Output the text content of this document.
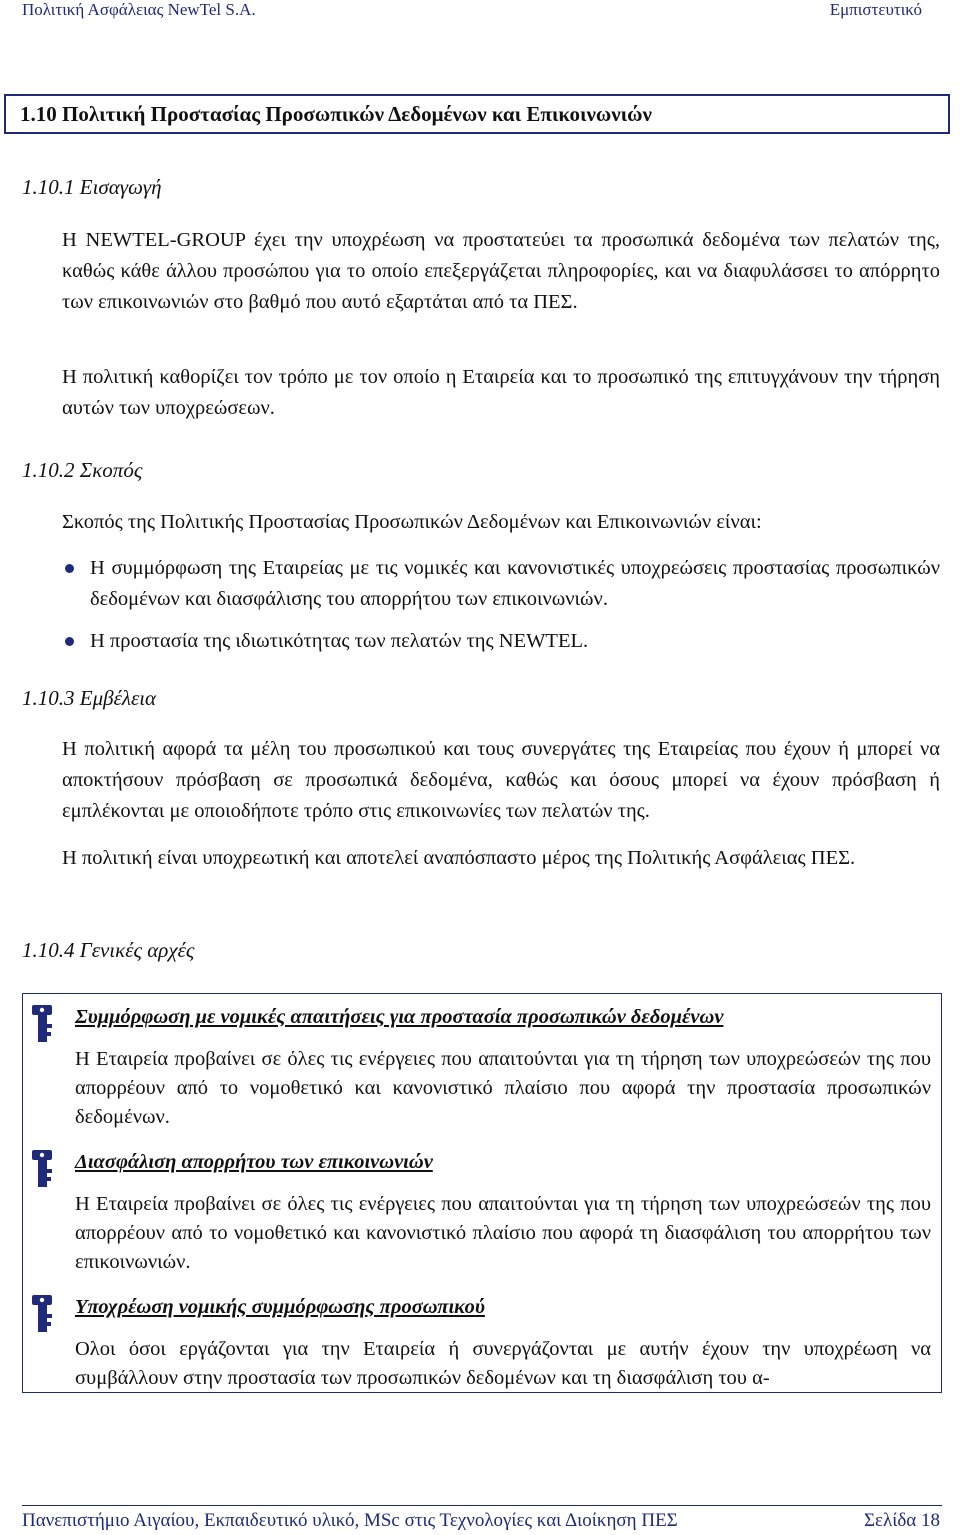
Πολιτική Ασφάλειας NewTel S.A.	Εμπιστευτικό
1.10 Πολιτική Προστασίας Προσωπικών Δεδομένων και Επικοινωνιών
1.10.1 Εισαγωγή

Η NEWTEL-GROUP έχει την υποχρέωση να προστατεύει τα προσωπικά δεδομένα των πελατών της, καθώς κάθε άλλου προσώπου για το οποίο επεξεργάζεται πληροφορίες, και να διαφυλάσσει το απόρρητο των επικοινωνιών στο βαθμό που αυτό εξαρτάται από τα ΠΕΣ.

Η πολιτική καθορίζει τον τρόπο με τον οποίο η Εταιρεία και το προσωπικό της επιτυγχάνουν την τήρηση αυτών των υποχρεώσεων.

1.10.2 Σκοπός

Σκοπός της Πολιτικής Προστασίας Προσωπικών Δεδομένων και Επικοινωνιών είναι:

Η συμμόρφωση της Εταιρείας με τις νομικές και κανονιστικές υποχρεώσεις προστασίας προσωπικών δεδομένων και διασφάλισης του απορρήτου των επικοινωνιών.
Η προστασία της ιδιωτικότητας των πελατών της NEWTEL.
1.10.3 Εμβέλεια

Η πολιτική αφορά τα μέλη του προσωπικού και τους συνεργάτες της Εταιρείας που έχουν ή μπορεί να αποκτήσουν πρόσβαση σε προσωπικά δεδομένα, καθώς και όσους μπορεί να έχουν πρόσβαση ή εμπλέκονται με οποιοδήποτε τρόπο στις επικοινωνίες των πελατών της.

Η πολιτική είναι υποχρεωτική και αποτελεί αναπόσπαστο μέρος της Πολιτικής Ασφάλειας ΠΕΣ.

1.10.4 Γενικές αρχές

Συμμόρφωση με νομικές απαιτήσεις για προστασία προσωπικών δεδομένων

Η Εταιρεία προβαίνει σε όλες τις ενέργειες που απαιτούνται για τη τήρηση των υποχρεώσεών της που απορρέουν από το νομοθετικό και κανονιστικό πλαίσιο που αφορά την προστασία προσωπικών δεδομένων.

Διασφάλιση απορρήτου των επικοινωνιών

Η Εταιρεία προβαίνει σε όλες τις ενέργειες που απαιτούνται για τη τήρηση των υποχρεώσεών της που απορρέουν από το νομοθετικό και κανονιστικό πλαίσιο που αφορά τη διασφάλιση του απορρήτου των επικοινωνιών.

Υποχρέωση νομικής συμμόρφωσης προσωπικού

Ολοι όσοι εργάζονται για την Εταιρεία ή συνεργάζονται με αυτήν έχουν την υποχρέωση να συμβάλλουν στην προστασία των προσωπικών δεδομένων και τη διασφάλιση του α-

Πανεπιστήμιο Αιγαίου, Εκπαιδευτικό υλικό, MSc στις Τεχνολογίες και Διοίκηση ΠΕΣ	Σελίδα 18
